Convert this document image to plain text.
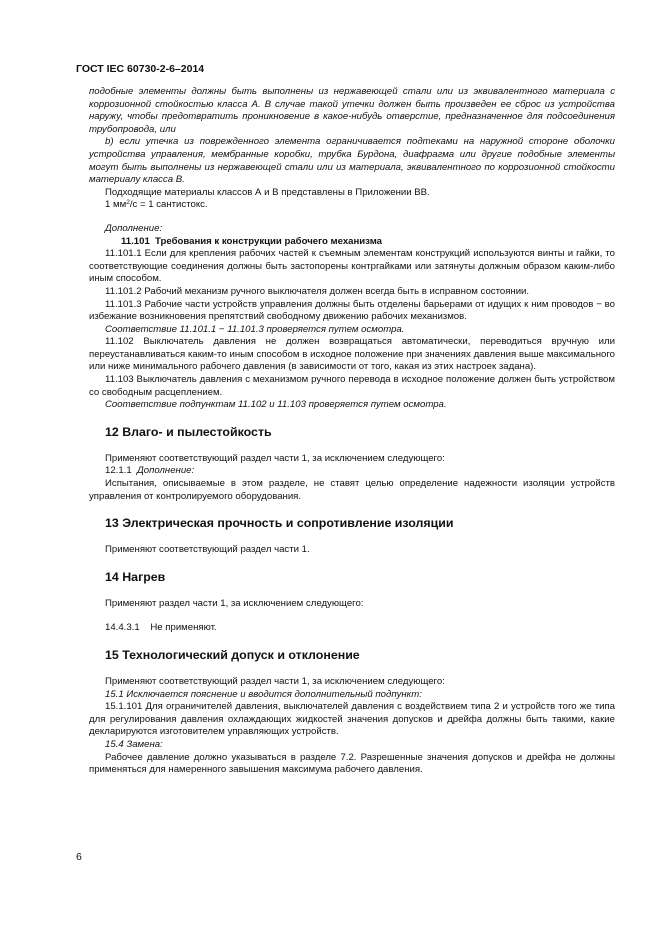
ГОСТ IEC 60730-2-6–2014

подобные элементы должны быть выполнены из нержавеющей стали или из эквивалентного материала с коррозионной стойкостью класса А. В случае такой утечки должен быть произведен ее сброс из устройства наружу, чтобы предотвратить проникновение в какое-нибудь отверстие, предназначенное для подсоединения трубопровода, или

b) если утечка из поврежденного элемента ограничивается подтеками на наружной стороне оболочки устройства управления, мембранные коробки, трубка Бурдона, диафрагма или другие подобные элементы могут быть выполнены из нержавеющей стали или из материала, эквивалентного по коррозионной стойкости материалу класса В.

Подходящие материалы классов А и В представлены в Приложении ВВ.

1 $мм^2/с = 1$ сантистокс.

Дополнение:

11.101 Требования к конструкции рабочего механизма

11.101.1 Если для крепления рабочих частей к съемным элементам конструкций используются винты и гайки, то соответствующие соединения должны быть застопорены контргайками или затянуты должным образом каким-либо иным способом.

11.101.2 Рабочий механизм ручного выключателя должен всегда быть в исправном состоянии.

11.101.3 Рабочие части устройств управления должны быть отделены барьерами от идущих к ним проводов − во избежание возникновения препятствий свободному движению рабочих механизмов.

Соответствие 11.101.1 − 11.101.3 проверяется путем осмотра.

11.102 Выключатель давления не должен возвращаться автоматически, переводиться вручную или переустанавливаться каким-то иным способом в исходное положение при значениях давления выше максимального или ниже минимального рабочего давления (в зависимости от того, какая из этих настроек задана).

11.103 Выключатель давления с механизмом ручного перевода в исходное положение должен быть устройством со свободным расцеплением.

Соответствие подпунктам 11.102 и 11.103 проверяется путем осмотра.

12 Влаго- и пылестойкость

Применяют соответствующий раздел части 1, за исключением следующего:

12.1.1 Дополнение:

Испытания, описываемые в этом разделе, не ставят целью определение надежности изоляции устройств управления от контролируемого оборудования.

13 Электрическая прочность и сопротивление изоляции

Применяют соответствующий раздел части 1.

14 Нагрев

Применяют раздел части 1, за исключением следующего:

14.4.3.1 Не применяют.

15 Технологический допуск и отклонение

Применяют соответствующий раздел части 1, за исключением следующего:

15.1 Исключается пояснение и вводится дополнительный подпункт:

15.1.101 Для ограничителей давления, выключателей давления с воздействием типа 2 и устройств того же типа для регулирования давления охлаждающих жидкостей значения допусков и дрейфа должны быть такими, какие декларируются изготовителем управляющих устройств.

15.4 Замена:

Рабочее давление должно указываться в разделе 7.2. Разрешенные значения допусков и дрейфа не должны применяться для намеренного завышения максимума рабочего давления.

6
